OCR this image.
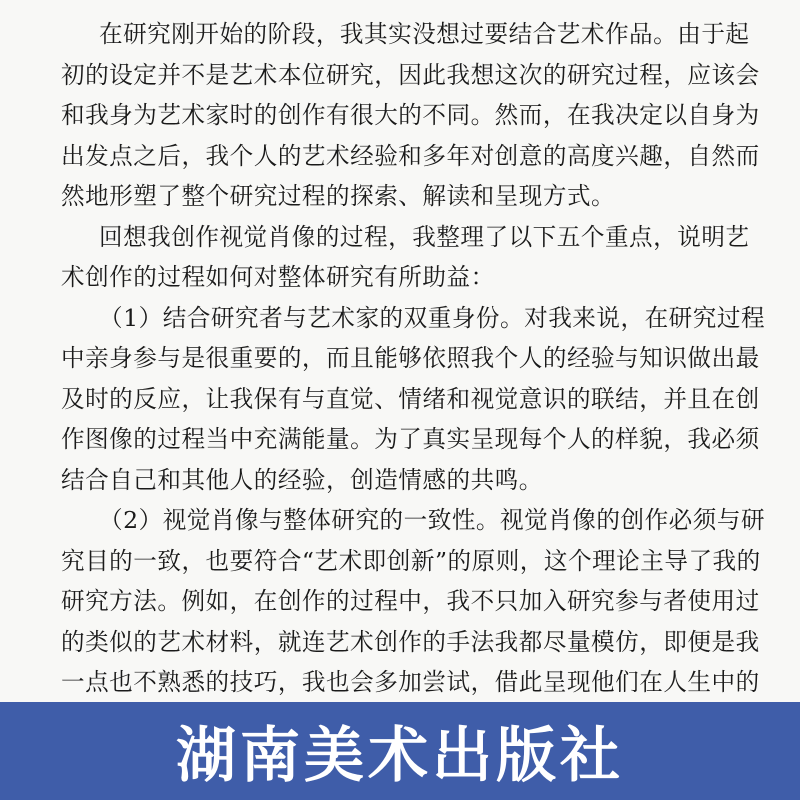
在研究刚开始的阶段，我其实没想过要结合艺术作品。由于起
初的设定并不是艺术本位研究，因此我想这次的研究过程，应该会
和我身为艺术家时的创作有很大的不同。然而，在我决定以自身为
出发点之后，我个人的艺术经验和多年对创意的高度兴趣，自然而
然地形塑了整个研究过程的探索、解读和呈现方式。
回想我创作视觉肖像的过程，我整理了以下五个重点，说明艺
术创作的过程如何对整体研究有所助益：
（1）结合研究者与艺术家的双重身份。对我来说，在研究过程
中亲身参与是很重要的，而且能够依照我个人的经验与知识做出最
及时的反应，让我保有与直觉、情绪和视觉意识的联结，并且在创
作图像的过程当中充满能量。为了真实呈现每个人的样貌，我必须
结合自己和其他人的经验，创造情感的共鸣。
（2）视觉肖像与整体研究的一致性。视觉肖像的创作必须与研
究目的一致，也要符合“艺术即创新”的原则，这个理论主导了我的
研究方法。例如，在创作的过程中，我不只加入研究参与者使用过
的类似的艺术材料，就连艺术创作的手法我都尽量模仿，即便是我
一点也不熟悉的技巧，我也会多加尝试，借此呈现他们在人生中的
湖南美术出版社
